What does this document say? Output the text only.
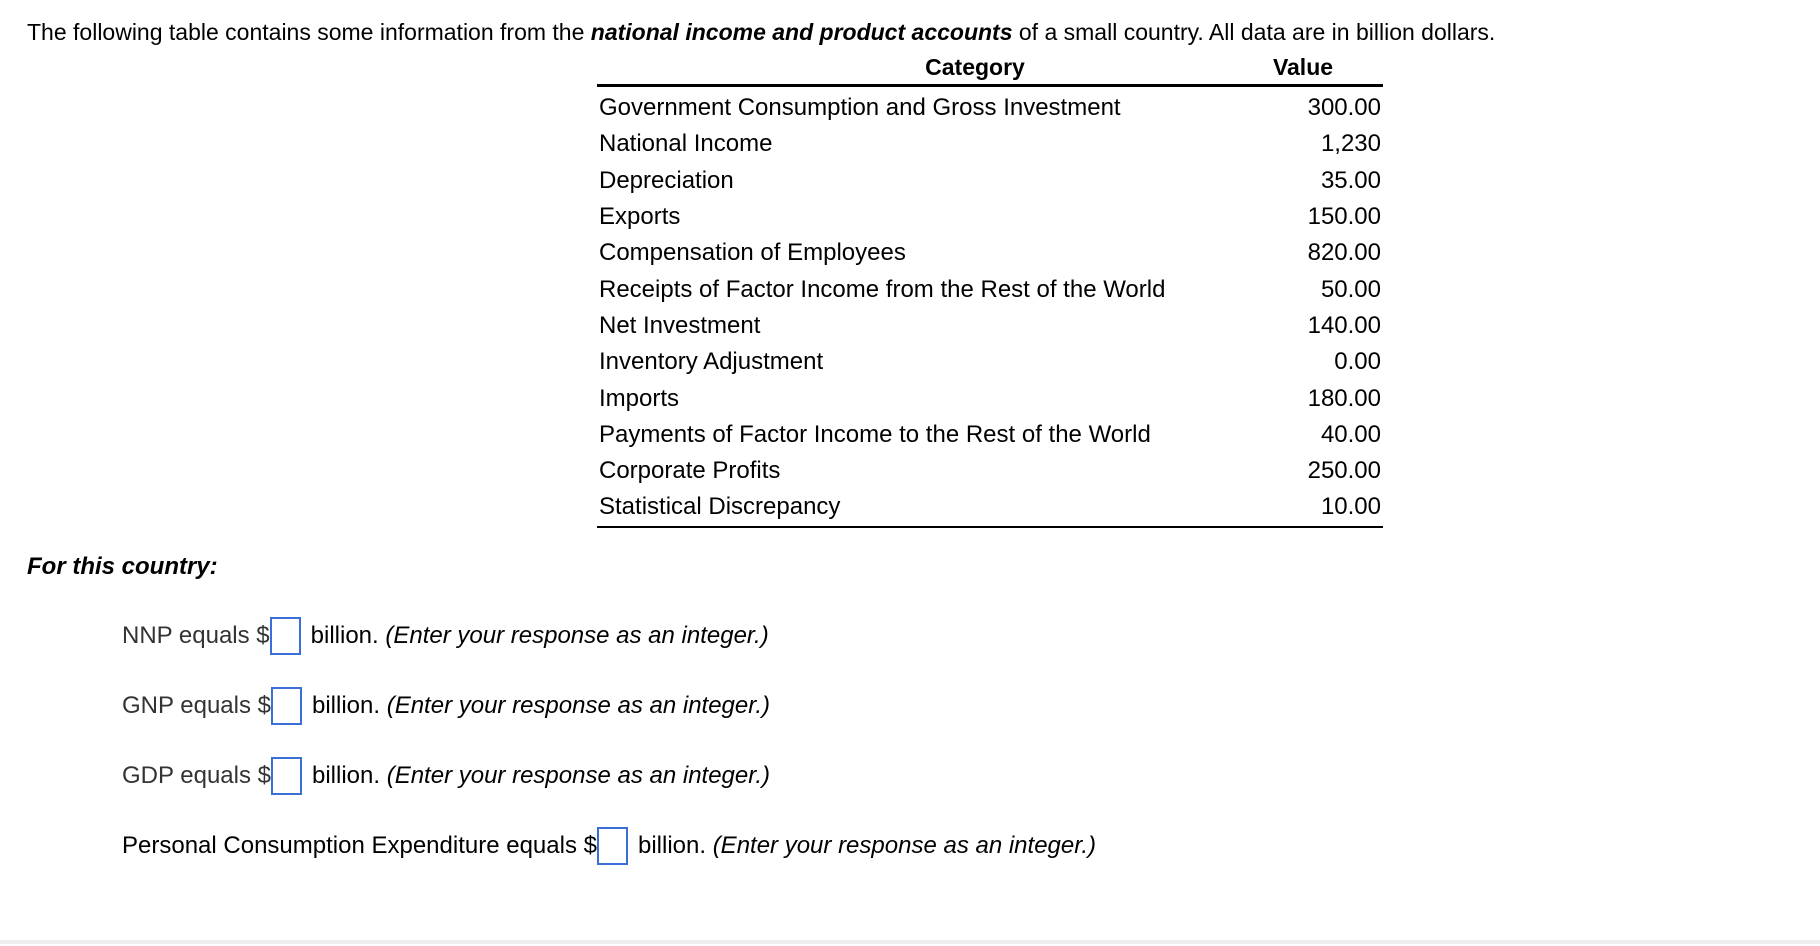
The following table contains some information from the national income and product accounts of a small country. All data are in billion dollars.
Category	Value
Government Consumption and Gross Investment	300.00
National Income	1,230
Depreciation	35.00
Exports	150.00
Compensation of Employees	820.00
Receipts of Factor Income from the Rest of the World	50.00
Net Investment	140.00
Inventory Adjustment	0.00
Imports	180.00
Payments of Factor Income to the Rest of the World	40.00
Corporate Profits	250.00
Statistical Discrepancy	10.00
For this country:
NNP equals $ billion. (Enter your response as an integer.)
GNP equals $ billion. (Enter your response as an integer.)
GDP equals $ billion. (Enter your response as an integer.)
Personal Consumption Expenditure equals $ billion. (Enter your response as an integer.)
